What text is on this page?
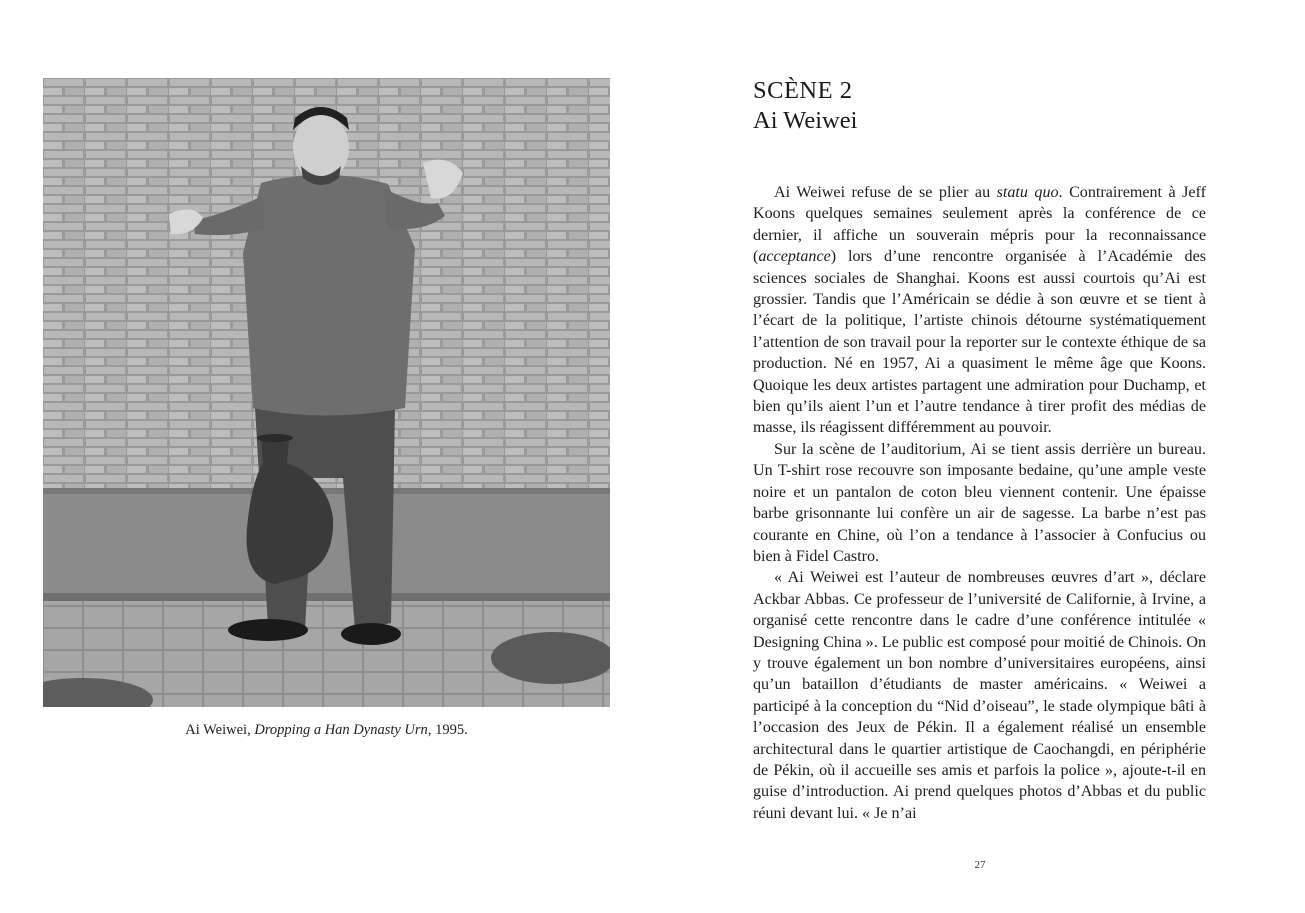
Ai Weiwei, Dropping a Han Dynasty Urn, 1995.
SCÈNE 2
Ai Weiwei

Ai Weiwei refuse de se plier au statu quo. Contrairement à Jeff Koons quelques semaines seulement après la conférence de ce dernier, il affiche un souverain mépris pour la reconnaissance (acceptance) lors d’une rencontre organisée à l’Académie des sciences sociales de Shanghai. Koons est aussi courtois qu’Ai est grossier. Tandis que l’Américain se dédie à son œuvre et se tient à l’écart de la politique, l’artiste chinois détourne systématiquement l’attention de son travail pour la reporter sur le contexte éthique de sa production. Né en 1957, Ai a quasiment le même âge que Koons. Quoique les deux artistes partagent une admiration pour Duchamp, et bien qu’ils aient l’un et l’autre tendance à tirer profit des médias de masse, ils réagissent différemment au pouvoir.

Sur la scène de l’auditorium, Ai se tient assis derrière un bureau. Un T-shirt rose recouvre son imposante bedaine, qu’une ample veste noire et un pantalon de coton bleu viennent contenir. Une épaisse barbe grisonnante lui confère un air de sagesse. La barbe n’est pas courante en Chine, où l’on a tendance à l’associer à Confucius ou bien à Fidel Castro.

« Ai Weiwei est l’auteur de nombreuses œuvres d’art », déclare Ackbar Abbas. Ce professeur de l’université de Californie, à Irvine, a organisé cette rencontre dans le cadre d’une conférence intitulée « Designing China ». Le public est composé pour moitié de Chinois. On y trouve également un bon nombre d’universitaires européens, ainsi qu’un bataillon d’étudiants de master américains. « Weiwei a participé à la conception du “Nid d’oiseau”, le stade olympique bâti à l’occasion des Jeux de Pékin. Il a également réalisé un ensemble architectural dans le quartier artistique de Caochangdi, en périphérie de Pékin, où il accueille ses amis et parfois la police », ajoute-t-il en guise d’introduction. Ai prend quelques photos d’Abbas et du public réuni devant lui. « Je n’ai

27
